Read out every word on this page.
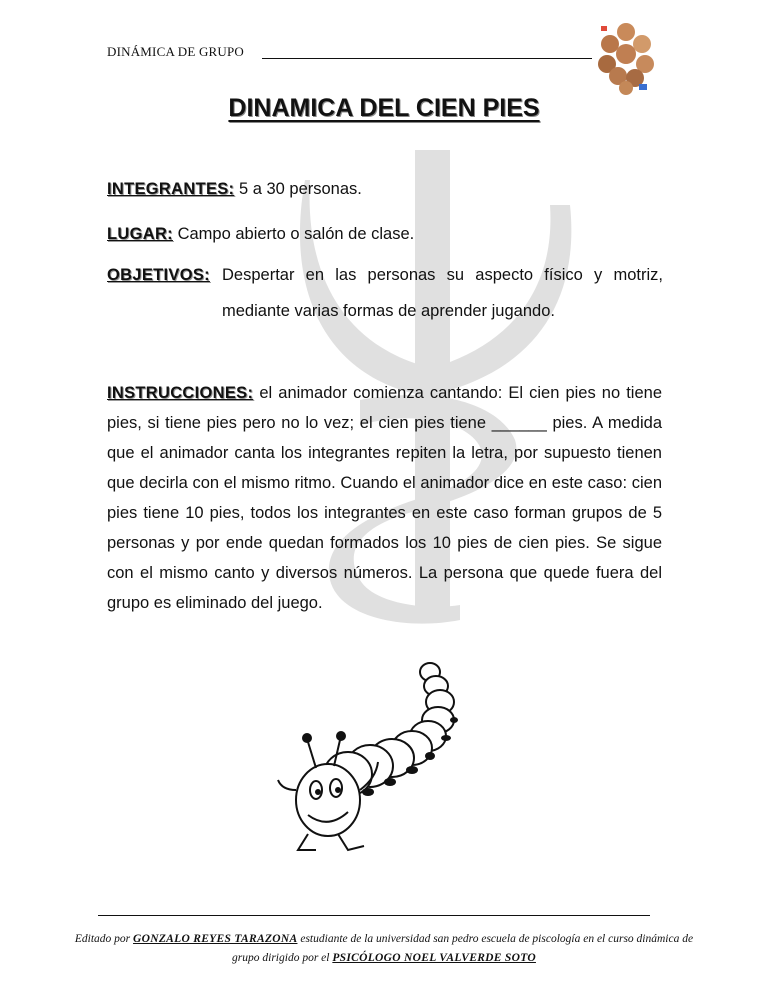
DINÁMICA DE GRUPO
DINAMICA DEL CIEN PIES
INTEGRANTES: 5 a 30 personas.
LUGAR: Campo abierto o salón de clase.
OBJETIVOS: Despertar en las personas su aspecto físico y motriz,
mediante varias formas de aprender jugando.
INSTRUCCIONES: el animador comienza cantando: El cien pies no tiene pies, si tiene pies pero no lo vez; el cien pies tiene ______ pies. A medida que el animador canta los integrantes repiten la letra, por supuesto tienen que decirla con el mismo ritmo. Cuando el animador dice en este caso: cien pies tiene 10 pies, todos los integrantes en este caso forman grupos de 5 personas y por ende quedan formados los 10 pies de cien pies. Se sigue con el mismo canto y diversos números. La persona que quede fuera del grupo es eliminado del juego.
Editado por GONZALO REYES TARAZONA estudiante de la universidad san pedro escuela de piscología en el curso dinámica de grupo dirigido por el PSICÓLOGO NOEL VALVERDE SOTO
